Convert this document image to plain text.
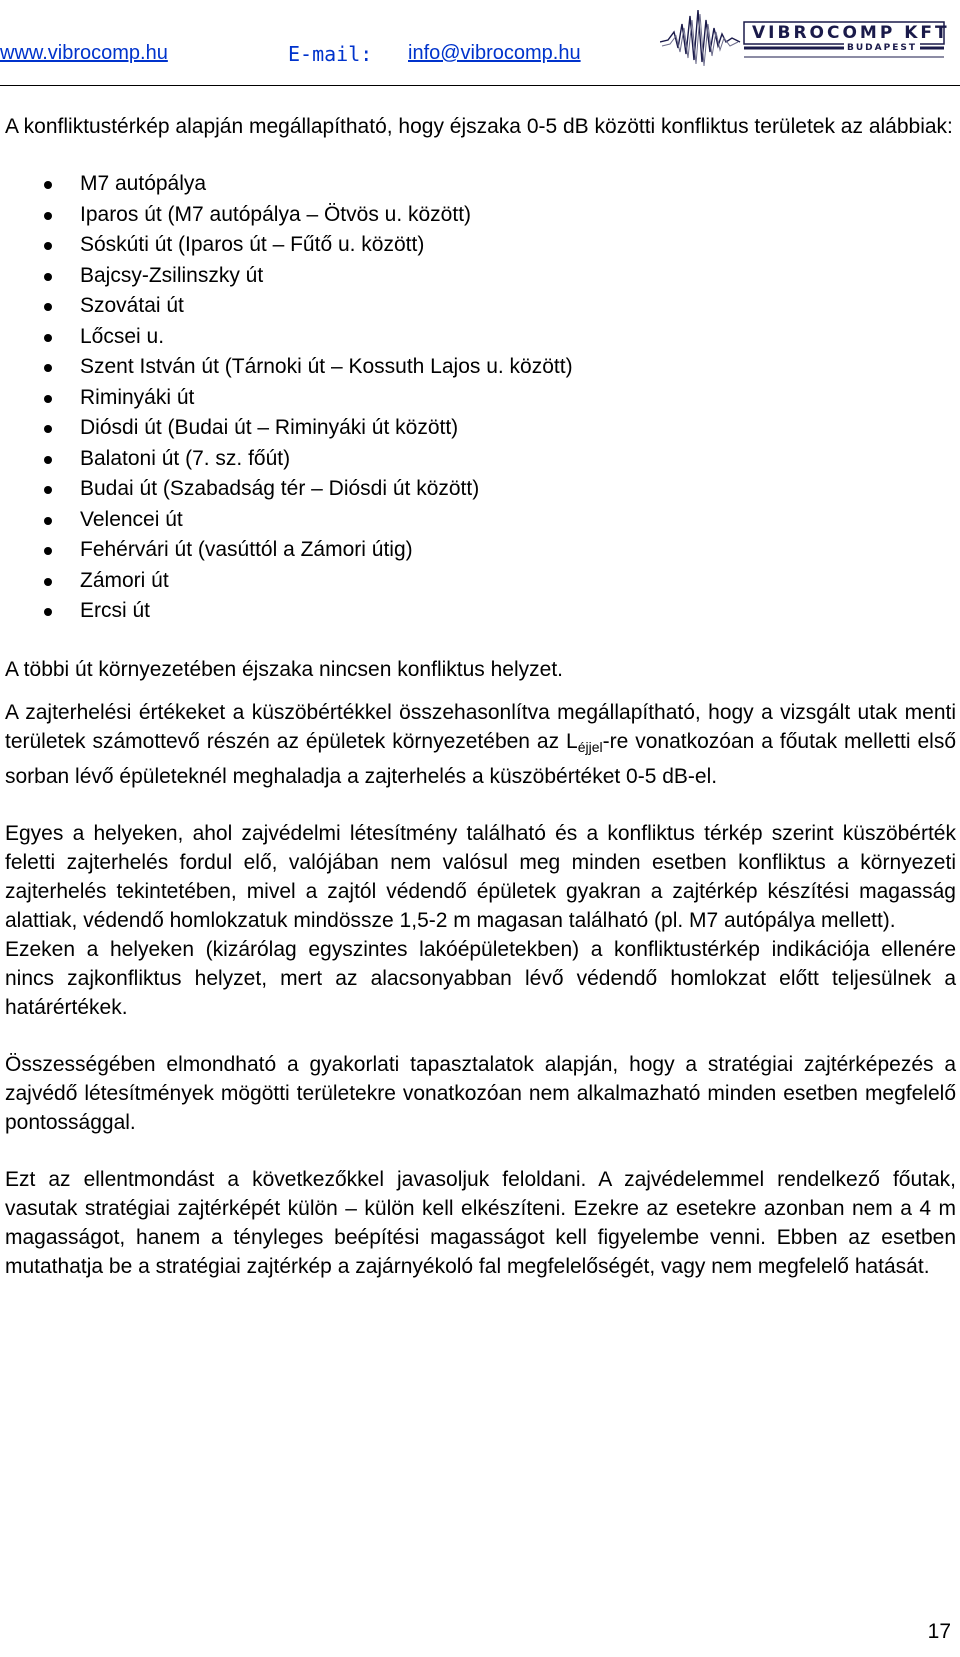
www.vibrocomp.hu	E-mail: info@vibrocomp.hu
VIBROCOMP KFT
BUDAPEST

A konfliktustérkép alapján megállapítható, hogy éjszaka 0-5 dB közötti konfliktus területek az alábbiak:

M7 autópálya
Iparos út (M7 autópálya – Ötvös u. között)
Sóskúti út (Iparos út – Fűtő u. között)
Bajcsy-Zsilinszky út
Szovátai út
Lőcsei u.
Szent István út (Tárnoki út – Kossuth Lajos u. között)
Riminyáki út
Diósdi út (Budai út – Riminyáki út között)
Balatoni út (7. sz. főút)
Budai út (Szabadság tér – Diósdi út között)
Velencei út
Fehérvári út (vasúttól a Zámori útig)
Zámori út
Ercsi út

A többi út környezetében éjszaka nincsen konfliktus helyzet.

A zajterhelési értékeket a küszöbértékkel összehasonlítva megállapítható, hogy a vizsgált utak menti területek számottevő részén az épületek környezetében az $L_{éjjel}-re$ vonatkozóan a főutak melletti első sorban lévő épületeknél meghaladja a zajterhelés a küszöbértéket 0-5 dB-el.

Egyes a helyeken, ahol zajvédelmi létesítmény található és a konfliktus térkép szerint küszöbérték feletti zajterhelés fordul elő, valójában nem valósul meg minden esetben konfliktus a környezeti zajterhelés tekintetében, mivel a zajtól védendő épületek gyakran a zajtérkép készítési magasság alattiak, védendő homlokzatuk mindössze 1,5-2 m magasan található (pl. M7 autópálya mellett).

Ezeken a helyeken (kizárólag egyszintes lakóépületekben) a konfliktustérkép indikációja ellenére nincs zajkonfliktus helyzet, mert az alacsonyabban lévő védendő homlokzat előtt teljesülnek a határértékek.

Összességében elmondható a gyakorlati tapasztalatok alapján, hogy a stratégiai zajtérképezés a zajvédő létesítmények mögötti területekre vonatkozóan nem alkalmazható minden esetben megfelelő pontossággal.

Ezt az ellentmondást a következőkkel javasoljuk feloldani. A zajvédelemmel rendelkező főutak, vasutak stratégiai zajtérképét külön – külön kell elkészíteni. Ezekre az esetekre azonban nem a 4 m magasságot, hanem a tényleges beépítési magasságot kell figyelembe venni. Ebben az esetben mutathatja be a stratégiai zajtérkép a zajárnyékoló fal megfelelőségét, vagy nem megfelelő hatását.

17
